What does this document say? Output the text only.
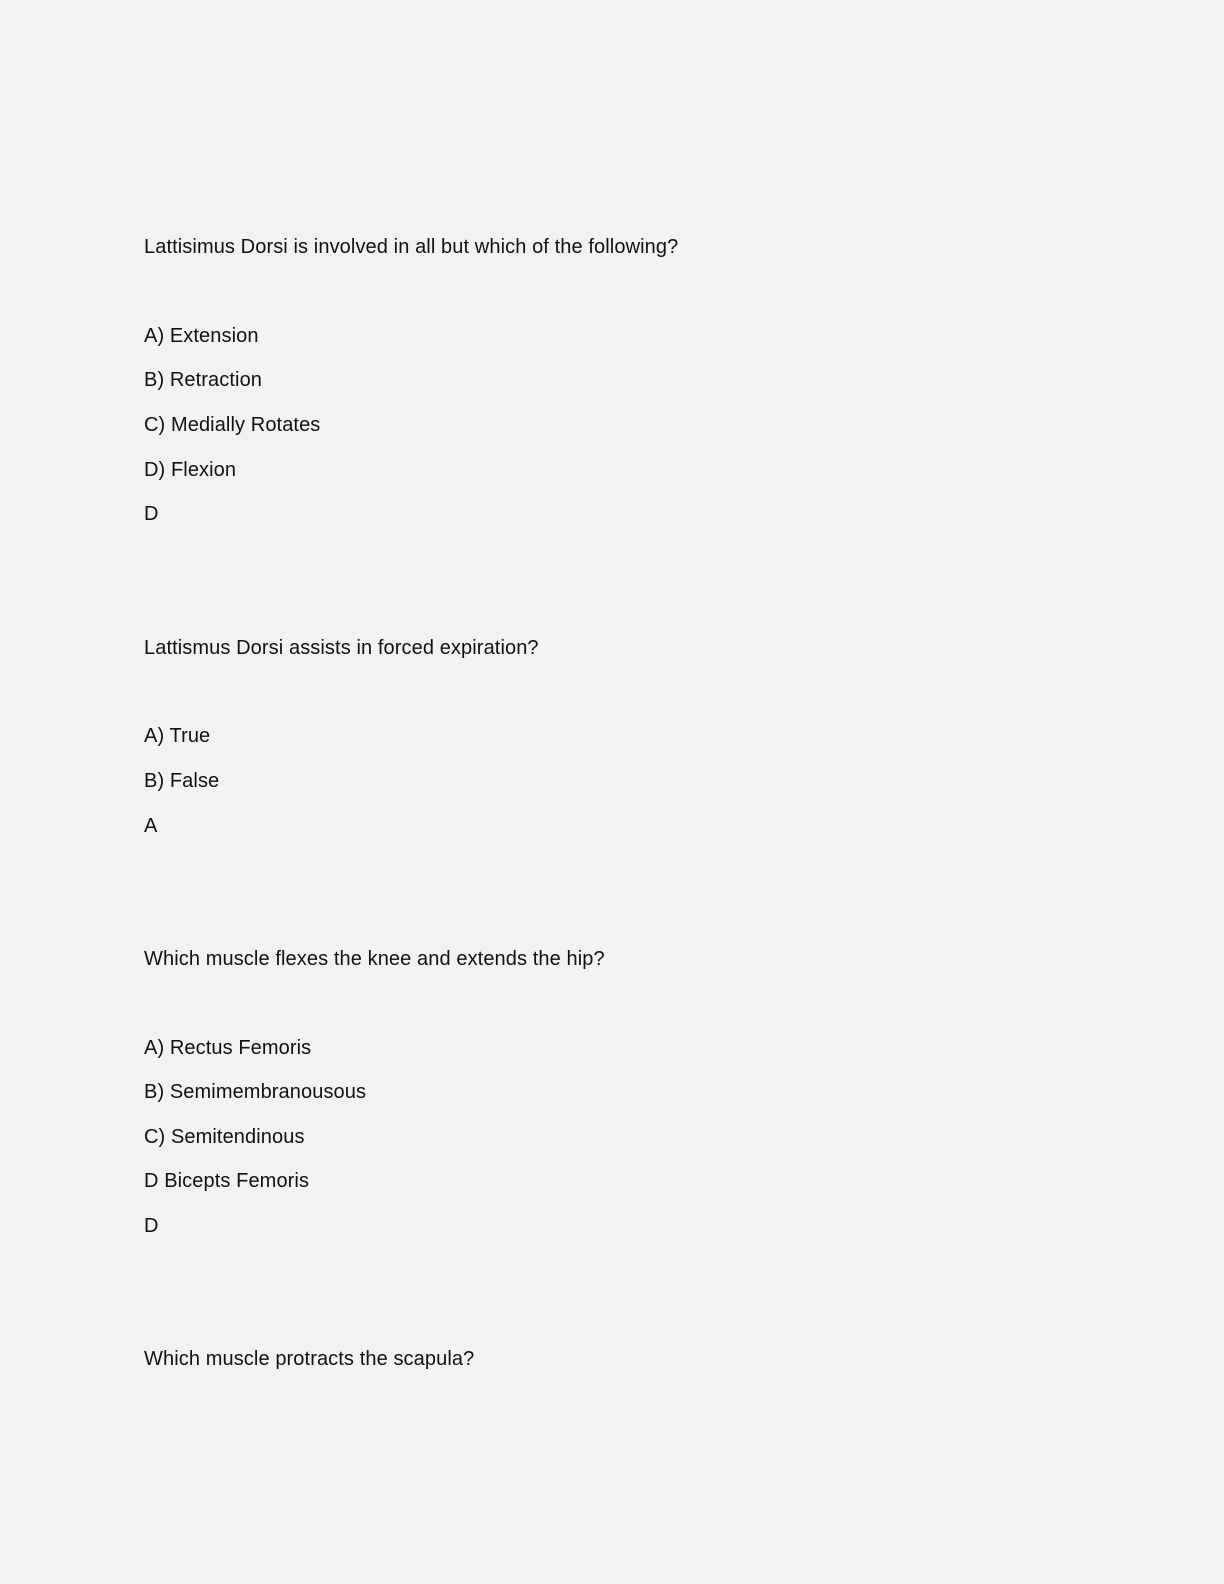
Lattisimus Dorsi is involved in all but which of the following?
A) Extension
B) Retraction
C) Medially Rotates
D) Flexion
D
Lattismus Dorsi assists in forced expiration?
A) True
B) False
A
Which muscle flexes the knee and extends the hip?
A) Rectus Femoris
B) Semimembranousous
C) Semitendinous
D Bicepts Femoris
D
Which muscle protracts the scapula?
